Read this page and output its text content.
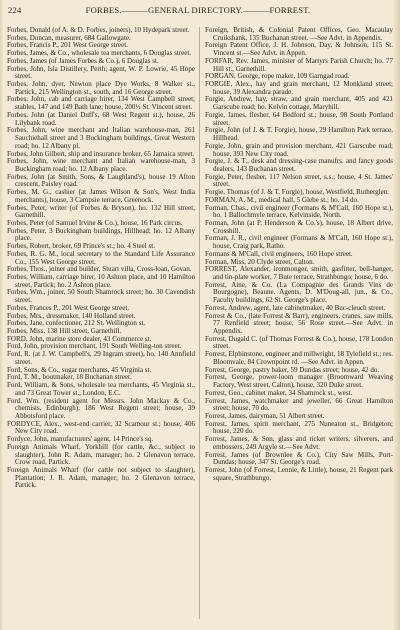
224	FORBES.———GENERAL DIRECTORY.———FORREST.

Forbes, Donald (of A. & D. Forbes, joiners), 10 Hydepark street.

Forbes, Duncan, measurer, 684 Gallowgate.

Forbes, Francis P., 201 West George street.

Forbes, James, & Co., wholesale tea merchants, 6 Douglas street.

Forbes, James (of James Forbes & Co.), 6 Douglas st.

Forbes, John, Isla Distillery, Perth; agent, W. P. Lowrie, 45 Hope street.

Forbes, John, dyer, Newton place Dye Works, 8 Walker st., Partick, 215 Wellington st., south, and 16 George street.

Forbes, John, cab and carriage hirer, 134 West Campbell street; stables, 147 and 149 Bath lane; house, 200½ St. Vincent street.

Forbes, John (at Daniel Duff's, 68 West Regent st.), house, 26 Lilybank road.

Forbes, John, wine merchant and Italian warehouse-man, 261 Sauchiehall street and 3 Buckingham buildings, Great Western road; ho. 12 Albany pl.

Forbes, John Gilbert, ship and insurance broker, 65 Jamaica street.

Forbes, John, wine merchant and Italian warehouse-man, 3 Buckingham road; ho. 12 Albany place.

Forbes, John (at Smith, Sons, & Laughland's), house 19 Afton crescent, Paisley road.

Forbes, M. G., cashier (at James Wilson & Son's, West India merchants), house, 3 Campsie terrace, Greenock.

Forbes, Peter, writer (of Forbes & Bryson), ho. 132 Hill street, Garnethill.

Forbes, Peter (of Samuel Irvine & Co.), house, 16 Park circus.

Forbes, Peter, 3 Buckingham buildings, Hillhead; ho. 12 Albany place.

Forbes, Robert, broker, 69 Prince's st.; ho. 4 Steel st.

Forbes, R. G. M., local secretary to the Standard Life Assurance Co., 155 West George street.

Forbes, Thos., joiner and builder, Stuart villa, Cross-loan, Govan.

Forbes, William, carriage hirer, 10 Ashton place, and 10 Hamilton street, Partick; ho. 2 Ashton place.

Forbes, Wm., joiner, 50 South Shamrock street; ho. 30 Cavendish street.

Forbes, Frances P., 201 West George street.

Forbes, Mrs., dressmaker, 140 Holland street.

Forbes, Jane, confectioner, 212 St. Wellington st.

Forbes, Miss, 138 Hill street, Garnethill.

FORD, John, marine store dealer, 43 Commerce st.

Ford, John, provision merchant, 191 South Welling-ton street.

Ford, R. (at J. W. Campbell's, 29 Ingram street), ho. 140 Annfield street.

Ford, Sons, & Co., sugar merchants, 45 Virginia st.

Ford, T. M., bootmaker, 18 Buchanan street.

Ford, William, & Sons, wholesale tea merchants, 45 Virginia st., and 73 Great Tower st., London, E.C.

Ford, Wm. (resident agent for Messrs. John Mackay & Co., chemists, Edinburgh), 186 West Regent street; house, 39 Abbotsford place.

FORDYCE, Alex., west-end carrier, 32 Scamour st.; house, 406 New City road.

Fordyce, John, manufacturers' agent, 14 Prince's sq.

Foreign Animals Wharf, Yorkhill (for cattle, &c., subject to slaughter), John R. Adam, manager; ho. 2 Glenavon terrace, Crow road, Partick.

Foreign Animals Wharf (for cattle not subject to slaughter), Plantation; J. R. Adam, manager; ho. 2 Glenavon terrace, Partick.

Foreign, British, & Colonial Patent Offices, Geo. Macaulay Cruikshank, 135 Buchanan street. —See Advt. in Appendix.

Foreign Patent Office, J. H. Johnson, Day, & Johnson, 115 St. Vincent st.—See Advt. in Appen.

FORFAR, Rev. James, minister of Martyrs Parish Church; ho. 77 Hill st., Garnethill.

FORGAN, George, rope maker, 109 Garngad road.

FORGIE, Alex., hay and grain merchant, 12 Monkland street; house, 39 Alexandra parade.

Forgie, Andrew, hay, straw, and grain merchant, 405 and 421 Garscube road; ho. Kelvin cottage, Maryhill.

Forgie, James, flesher, 64 Bedford st.; house, 98 South Portland street.

Forgie, John (of J. & T. Forgie), house, 29 Hamilton Park terrace, Hillhead.

Forgie, John, grain and provision merchant, 421 Garscube road; house, 393 New City road.

Forgie, J. & T., desk and dressing-case manufrs. and fancy goods dealers, 143 Buchanan street.

Forgie, Peter, flesher, 117 Nelson street, s.s.; house, 4 St. James' street.

Forgie, Thomas (of J. & T. Forgie), house, Westfield, Rutherglen.

FORMAN, A. M., medical hall, 5 Glebe st.; ho. 14 do.

Forman, Chas., civil engineer (Formans & M'Call, 160 Hope st.), ho. 1 Ballochmyle terrace, Kelvinside, North.

Forman, John (at P. Henderson & Co.'s), house, 18 Albert drive, Crosshill.

Forman, J. R., civil engineer (Formans & M'Call, 160 Hope st.), house, Craig park, Ratho.

Formans & M'Call, civil engineers, 160 Hope street.

Forman, Miss, 20 Clyde street, Calton.

FORREST, Alexander, ironmonger, smith, gasfitter, bell-hanger, and tin-plate worker, 7 Bute terrace, Strathbungo; house, 6 do.

Forrest, Aine, & Co. (La Compagnie des Grands Vins de Bourgogne), Beaune. Agents, D. M'Doug-all, jun., & Co., Faculty buildings, 62 St. George's place.

Forrest, Andrew, agent, late cabinetmaker, 40 Buc-cleuch street.

Forrest & Co., (late Forrest & Barr), engineers, cranes, saw mills, 77 Renfield street; house, 56 Rose street.—See Advt. in Appendix.

Forrest, Dugald C. (of Thomas Forrest & Co.), house, 178 London street.

Forrest, Elphinstone, engineer and millwright, 18 Tylefield st.; res. Bloomvale, 84 Crownpoint rd. —See Advt. in Appen.

Forrest, George, pastry baker, 59 Dundas street; house, 42 do.

Forrest, George, power-loom manager (Broomward Weaving Factory, West street, Calton), house, 320 Duke street.

Forrest, Geo., cabinet maker, 34 Shamrock st., west.

Forrest, James, watchmaker and jeweller, 66 Great Hamilton street; house, 70 do.

Forrest, James, dairyman, 51 Albert street.

Forrest, James, spirit merchant, 275 Nuneaton st., Bridgeton; house, 220 do.

Forrest, James, & Son, glass and ticket writers, silverers, and embossers, 249 Argyle st.—See Advt.

Forrest, James (of Brownlee & Co.), City Saw Mills, Port-Dundas; house, 347 St. George's road.

Forrest, John (of Forrest, Lennie, & Little), house, 21 Regent park square, Strathbungo.
